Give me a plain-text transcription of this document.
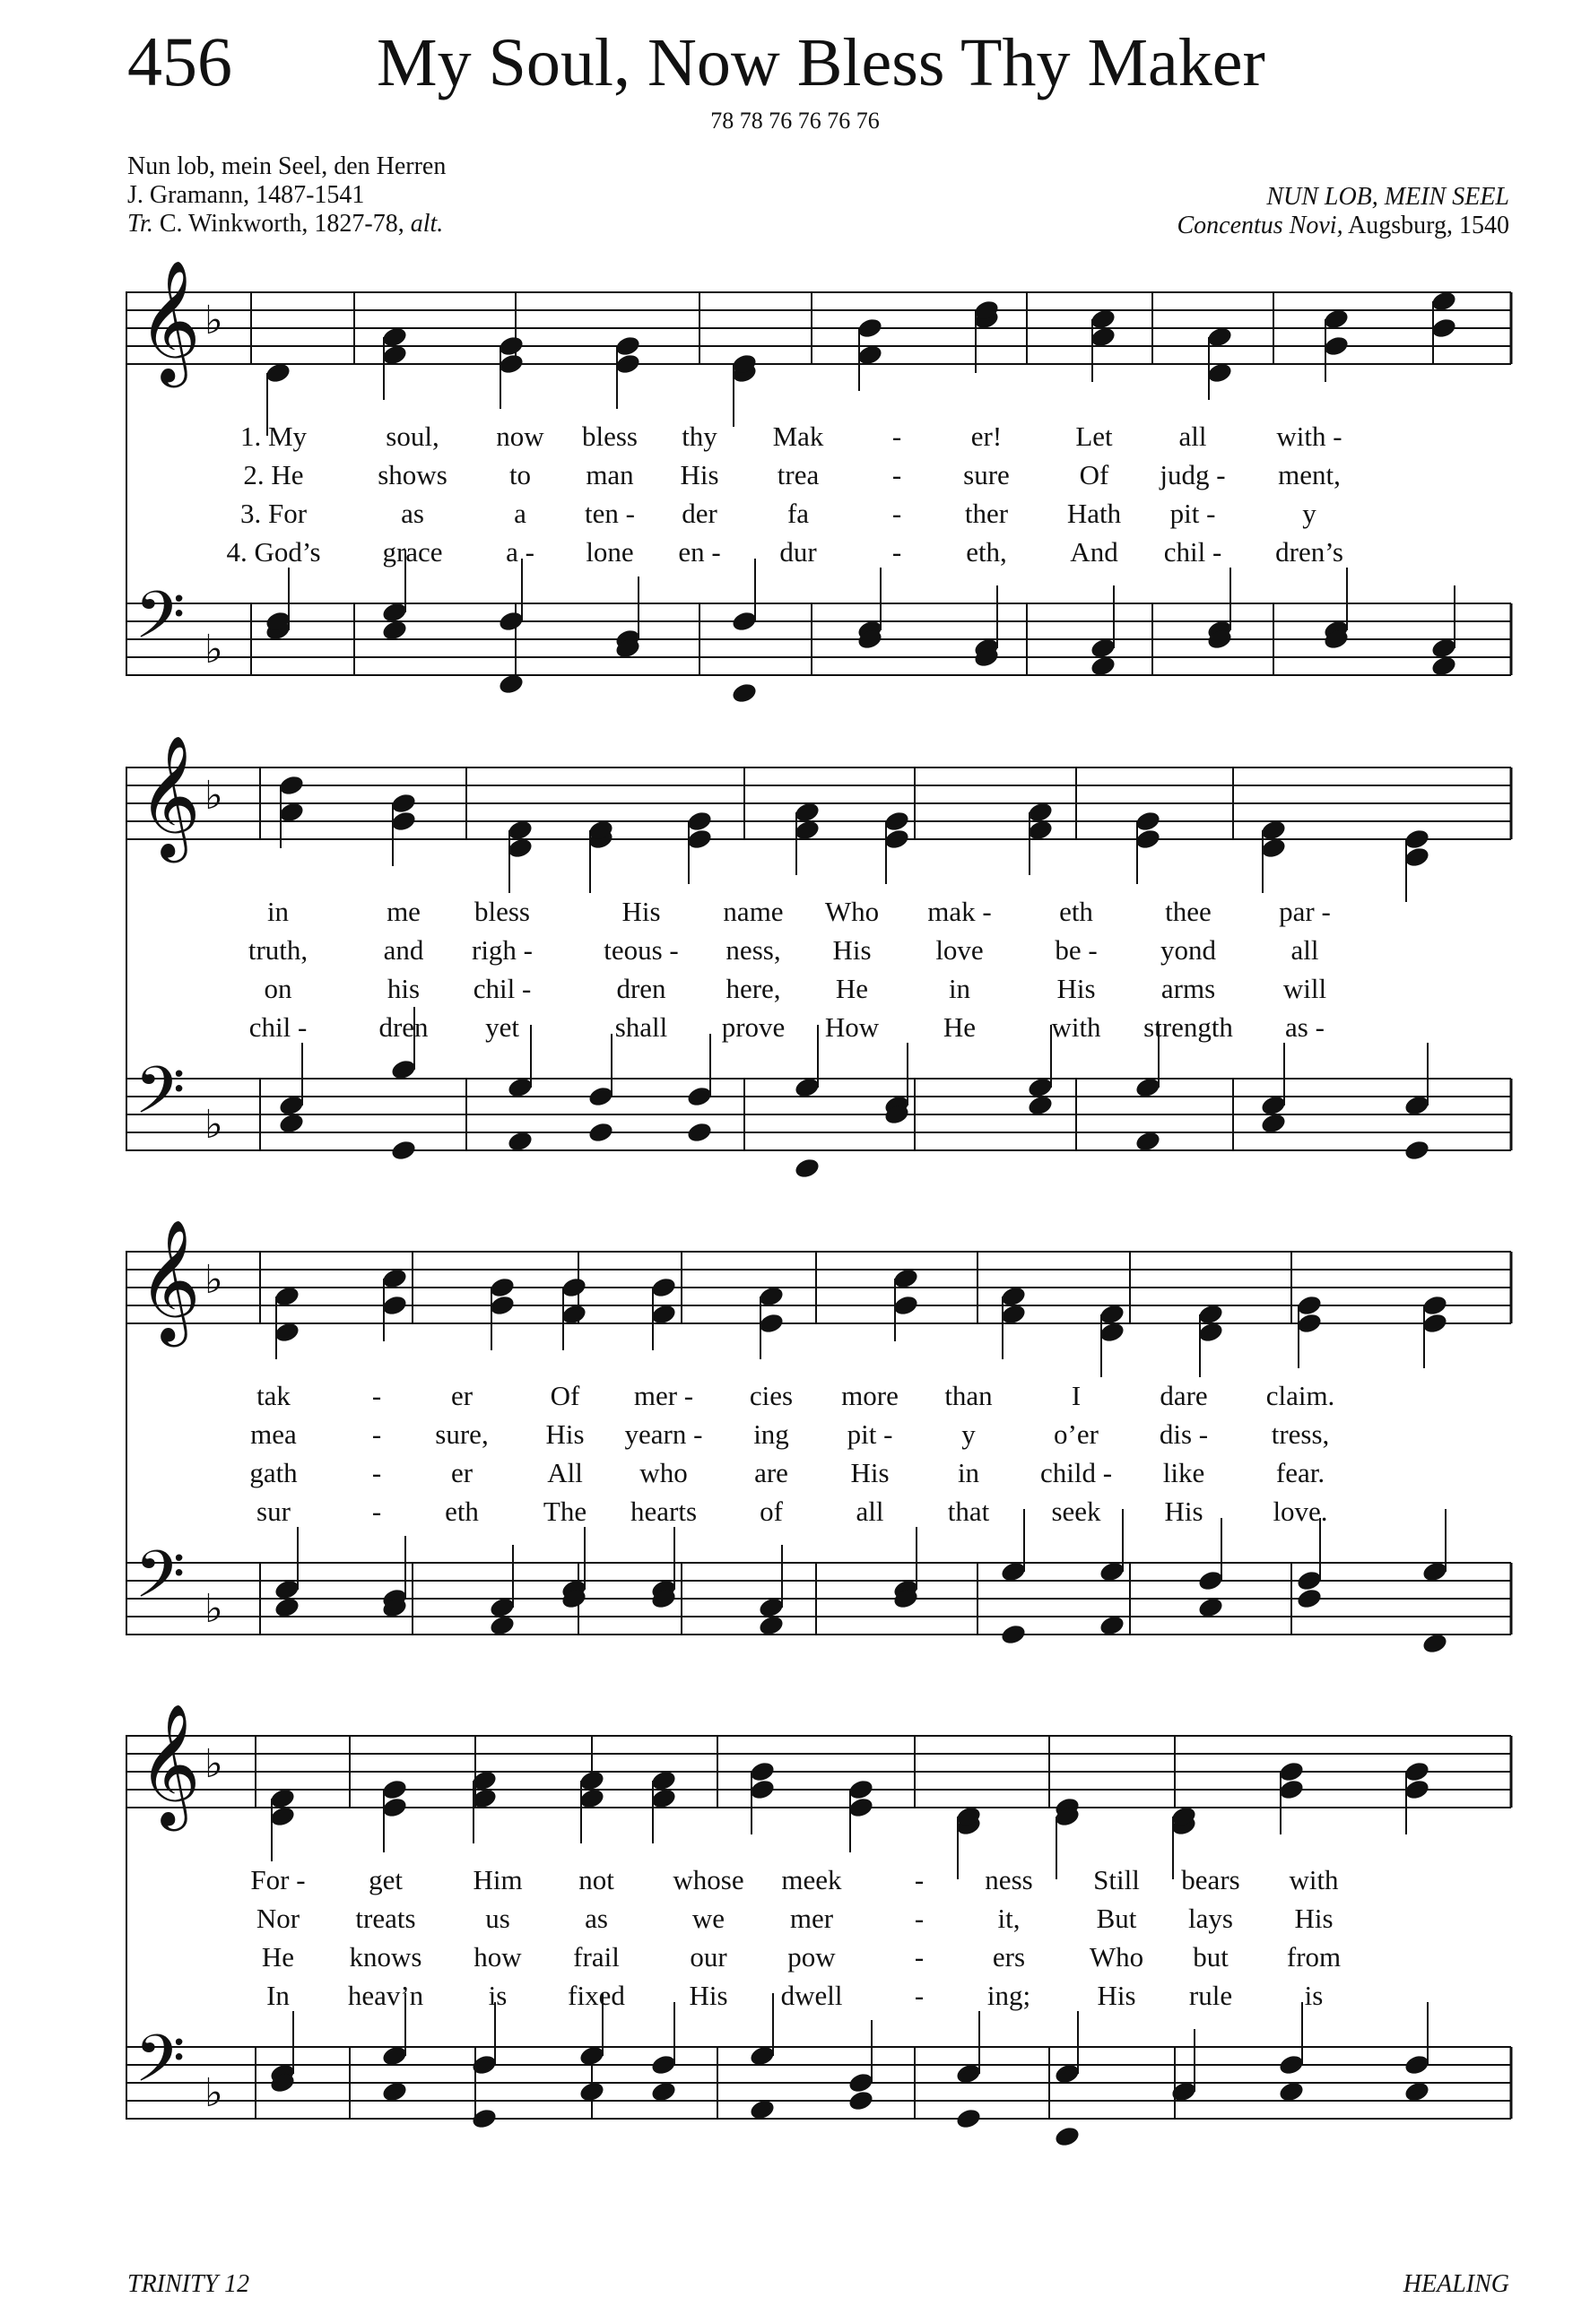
456 My Soul, Now Bless Thy Maker
78 78 76 76 76 76
Nun lob, mein Seel, den Herren
J. Gramann, 1487-1541
Tr. C. Winkworth, 1827-78, alt.
NUN LOB, MEIN SEEL
Concentus Novi, Augsburg, 1540
𝄞 ♭
𝄢 ♭
1. My	soul, now bless thy Mak -	er!	Let all	with -
2. He	shows to man His trea	- sure	Of judg - ment,
3. For	as	a ten - der	fa	- ther Hath pit -	y
4. God’s grace a - lone en - dur	- eth, And chil - dren’s
𝄞 ♭
𝄢 ♭
in	me bless	His name Who mak - eth	thee par -
truth,	and righ -	teous - ness, His love	be - yond	all
on	his chil -	dren here, He	in	His arms will
chil -	dren yet	shall prove How He	with strength as -
𝄞 ♭
𝄢 ♭
tak	-	er	Of mer - cies more than	I	dare claim.
mea	- sure, His yearn - ing pit - y	o’er dis - tress,
gath	-	er	All who are His in child - like	fear.
sur	- eth The hearts of	all that seek His	love.
𝄞 ♭
𝄢 ♭
For - get	Him not whose meek	- ness Still bears with
Nor treats	us	as	we mer	-	it,	But lays His
He knows how frail	our pow	- ers Who but from
In heav’n is fixed His dwell	- ing; His rule	is
TRINITY 12	HEALING
